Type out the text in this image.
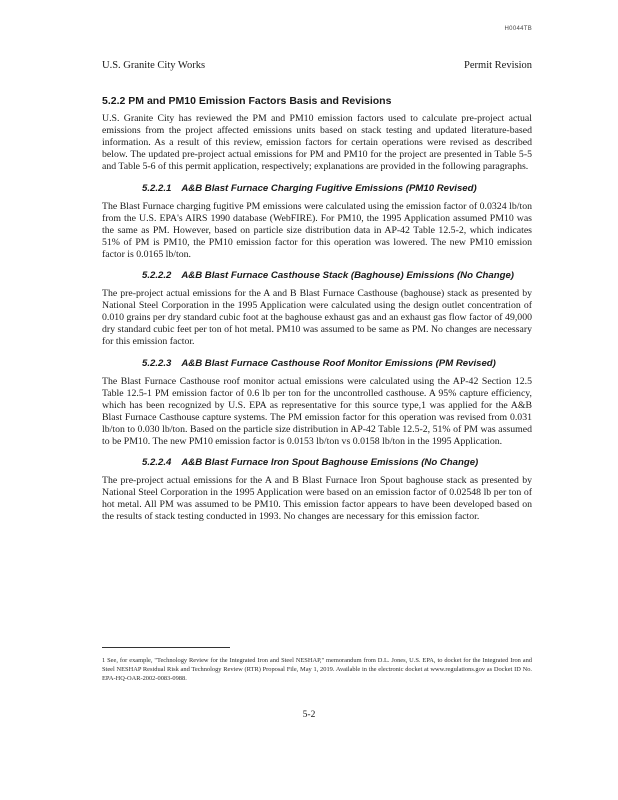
H0044TB
U.S. Granite City Works	Permit Revision
5.2.2 PM and PM10 Emission Factors Basis and Revisions

U.S. Granite City has reviewed the PM and PM10 emission factors used to calculate pre-project actual emissions from the project affected emissions units based on stack testing and updated literature-based information. As a result of this review, emission factors for certain operations were revised as described below. The updated pre-project actual emissions for PM and PM10 for the project are presented in Table 5-5 and Table 5-6 of this permit application, respectively; explanations are provided in the following paragraphs.

5.2.2.1 A&B Blast Furnace Charging Fugitive Emissions (PM10 Revised)

The Blast Furnace charging fugitive PM emissions were calculated using the emission factor of 0.0324 lb/ton from the U.S. EPA's AIRS 1990 database (WebFIRE). For PM10, the 1995 Application assumed PM10 was the same as PM. However, based on particle size distribution data in AP-42 Table 12.5-2, which indicates 51% of PM is PM10, the PM10 emission factor for this operation was lowered. The new PM10 emission factor is 0.0165 lb/ton.

5.2.2.2 A&B Blast Furnace Casthouse Stack (Baghouse) Emissions (No Change)

The pre-project actual emissions for the A and B Blast Furnace Casthouse (baghouse) stack as presented by National Steel Corporation in the 1995 Application were calculated using the design outlet concentration of 0.010 grains per dry standard cubic foot at the baghouse exhaust gas and an exhaust gas flow factor of 49,000 dry standard cubic feet per ton of hot metal. PM10 was assumed to be same as PM. No changes are necessary for this emission factor.

5.2.2.3 A&B Blast Furnace Casthouse Roof Monitor Emissions (PM Revised)

The Blast Furnace Casthouse roof monitor actual emissions were calculated using the AP-42 Section 12.5 Table 12.5-1 PM emission factor of 0.6 lb per ton for the uncontrolled casthouse. A 95% capture efficiency, which has been recognized by U.S. EPA as representative for this source type,1 was applied for the A&B Blast Furnace Casthouse capture systems. The PM emission factor for this operation was revised from 0.031 lb/ton to 0.030 lb/ton. Based on the particle size distribution in AP-42 Table 12.5-2, 51% of PM was assumed to be PM10. The new PM10 emission factor is 0.0153 lb/ton vs 0.0158 lb/ton in the 1995 Application.

5.2.2.4 A&B Blast Furnace Iron Spout Baghouse Emissions (No Change)

The pre-project actual emissions for the A and B Blast Furnace Iron Spout baghouse stack as presented by National Steel Corporation in the 1995 Application were based on an emission factor of 0.02548 lb per ton of hot metal. All PM was assumed to be PM10. This emission factor appears to have been developed based on the results of stack testing conducted in 1993. No changes are necessary for this emission factor.

1 See, for example, "Technology Review for the Integrated Iron and Steel NESHAP," memorandum from D.L. Jones, U.S. EPA, to docket for the Integrated Iron and Steel NESHAP Residual Risk and Technology Review (RTR) Proposal File, May 1, 2019. Available in the electronic docket at www.regulations.gov as Docket ID No. EPA-HQ-OAR-2002-0083-0988.
5-2
